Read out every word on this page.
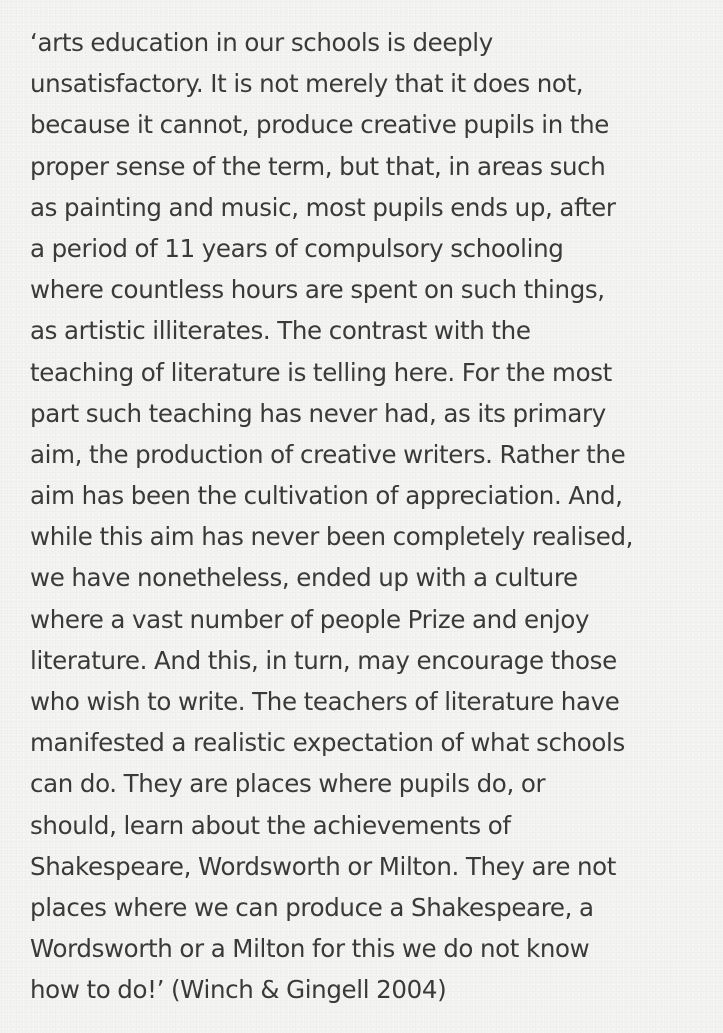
‘arts education in our schools is deeply
unsatisfactory. It is not merely that it does not,
because it cannot, produce creative pupils in the
proper sense of the term, but that, in areas such
as painting and music, most pupils ends up, after
a period of 11 years of compulsory schooling
where countless hours are spent on such things,
as artistic illiterates. The contrast with the
teaching of literature is telling here. For the most
part such teaching has never had, as its primary
aim, the production of creative writers. Rather the
aim has been the cultivation of appreciation. And,
while this aim has never been completely realised,
we have nonetheless, ended up with a culture
where a vast number of people Prize and enjoy
literature. And this, in turn, may encourage those
who wish to write. The teachers of literature have
manifested a realistic expectation of what schools
can do. They are places where pupils do, or
should, learn about the achievements of
Shakespeare, Wordsworth or Milton. They are not
places where we can produce a Shakespeare, a
Wordsworth or a Milton for this we do not know
how to do!’ (Winch & Gingell 2004)
